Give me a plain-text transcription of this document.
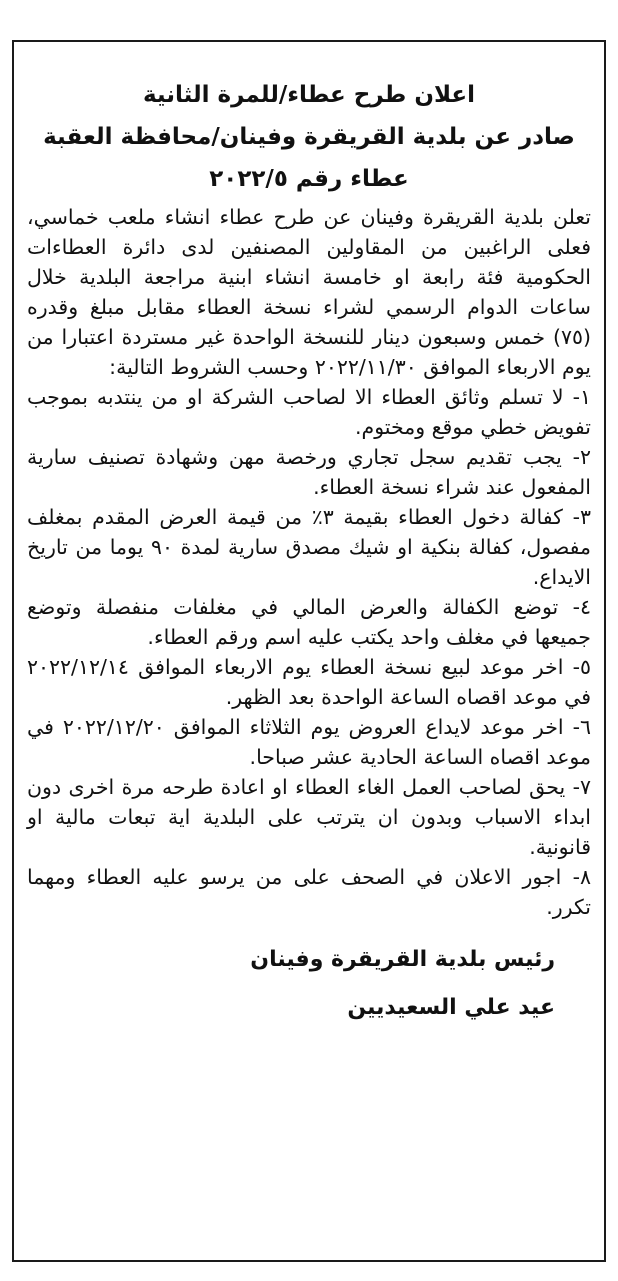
اعلان طرح عطاء/للمرة الثانية
صادر عن بلدية القريقرة وفينان/محافظة العقبة
عطاء رقم ٢٠٢٢/٥

تعلن بلدية القريقرة وفينان عن طرح عطاء انشاء ملعب خماسي، فعلى الراغبين من المقاولين المصنفين لدى دائرة العطاءات الحكومية فئة رابعة او خامسة انشاء ابنية مراجعة البلدية خلال ساعات الدوام الرسمي لشراء نسخة العطاء مقابل مبلغ وقدره (٧٥) خمس وسبعون دينار للنسخة الواحدة غير مستردة اعتبارا من يوم الاربعاء الموافق ٢٠٢٢/١١/٣٠ وحسب الشروط التالية:

١- لا تسلم وثائق العطاء الا لصاحب الشركة او من ينتدبه بموجب تفويض خطي موقع ومختوم.

٢- يجب تقديم سجل تجاري ورخصة مهن وشهادة تصنيف سارية المفعول عند شراء نسخة العطاء.

٣- كفالة دخول العطاء بقيمة ٣٪ من قيمة العرض المقدم بمغلف مفصول، كفالة بنكية او شيك مصدق سارية لمدة ٩٠ يوما من تاريخ الايداع.

٤- توضع الكفالة والعرض المالي في مغلفات منفصلة وتوضع جميعها في مغلف واحد يكتب عليه اسم ورقم العطاء.

٥- اخر موعد لبيع نسخة العطاء يوم الاربعاء الموافق ٢٠٢٢/١٢/١٤ في موعد اقصاه الساعة الواحدة بعد الظهر.

٦- اخر موعد لايداع العروض يوم الثلاثاء الموافق ٢٠٢٢/١٢/٢٠ في موعد اقصاه الساعة الحادية عشر صباحا.

٧- يحق لصاحب العمل الغاء العطاء او اعادة طرحه مرة اخرى دون ابداء الاسباب وبدون ان يترتب على البلدية اية تبعات مالية او قانونية.

٨- اجور الاعلان في الصحف على من يرسو عليه العطاء ومهما تكرر.

رئيس بلدية القريقرة وفينان
عيد علي السعيديين
